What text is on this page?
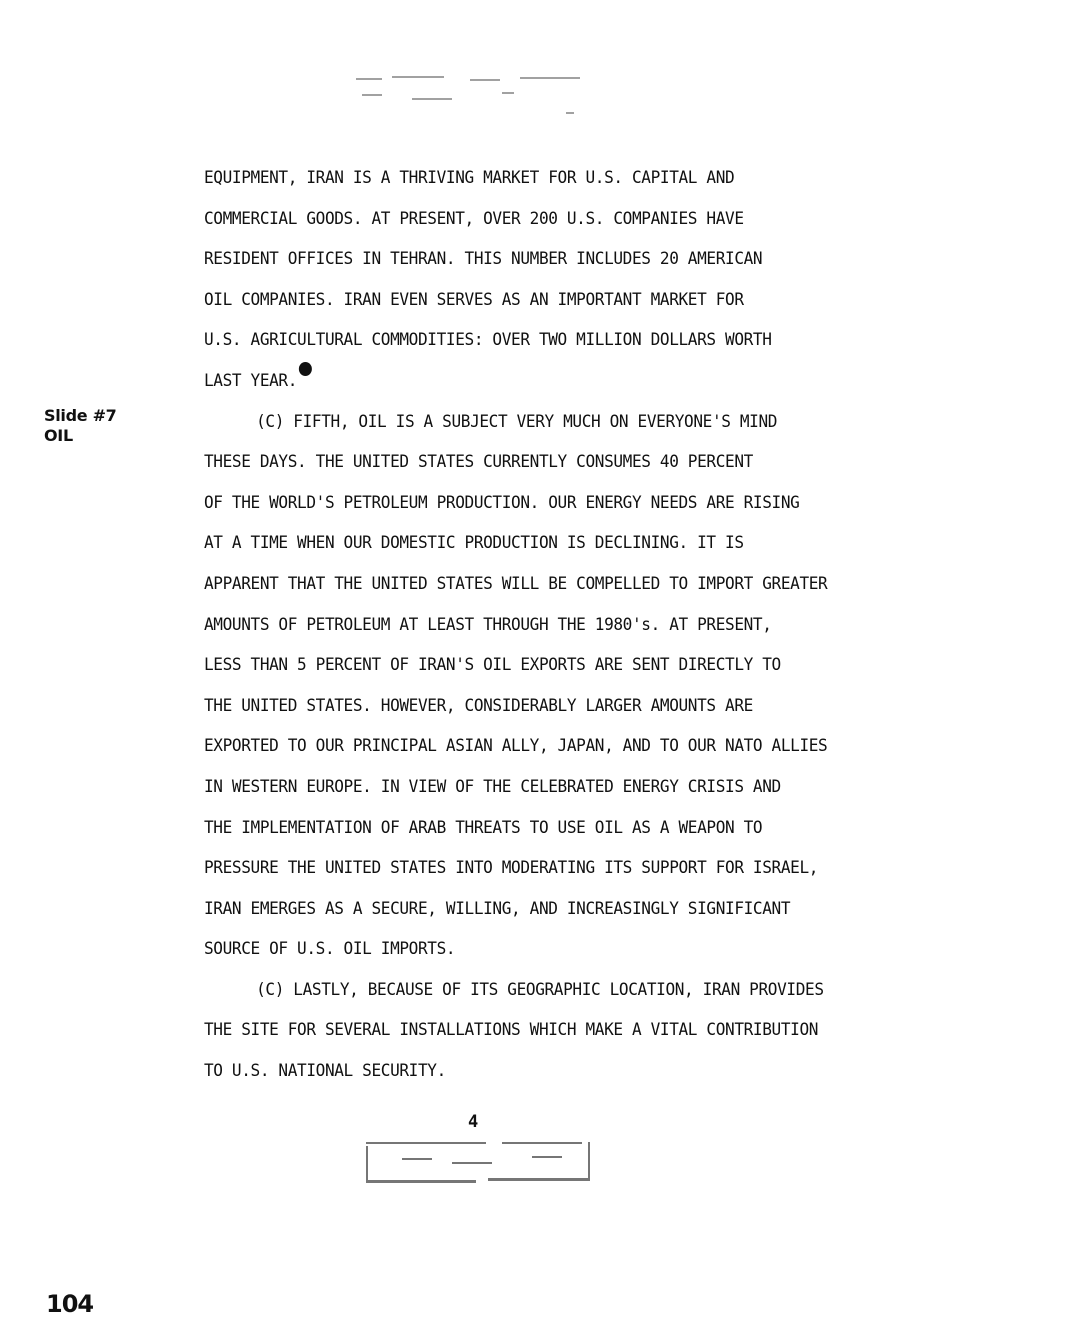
Slide #7
OIL
EQUIPMENT, IRAN IS A THRIVING MARKET FOR U.S. CAPITAL AND
COMMERCIAL GOODS. AT PRESENT, OVER 200 U.S. COMPANIES HAVE
RESIDENT OFFICES IN TEHRAN. THIS NUMBER INCLUDES 20 AMERICAN
OIL COMPANIES. IRAN EVEN SERVES AS AN IMPORTANT MARKET FOR
U.S. AGRICULTURAL COMMODITIES: OVER TWO MILLION DOLLARS WORTH
LAST YEAR.
(C) FIFTH, OIL IS A SUBJECT VERY MUCH ON EVERYONE'S MIND
THESE DAYS. THE UNITED STATES CURRENTLY CONSUMES 40 PERCENT
OF THE WORLD'S PETROLEUM PRODUCTION. OUR ENERGY NEEDS ARE RISING
AT A TIME WHEN OUR DOMESTIC PRODUCTION IS DECLINING. IT IS
APPARENT THAT THE UNITED STATES WILL BE COMPELLED TO IMPORT GREATER
AMOUNTS OF PETROLEUM AT LEAST THROUGH THE 1980's. AT PRESENT,
LESS THAN 5 PERCENT OF IRAN'S OIL EXPORTS ARE SENT DIRECTLY TO
THE UNITED STATES. HOWEVER, CONSIDERABLY LARGER AMOUNTS ARE
EXPORTED TO OUR PRINCIPAL ASIAN ALLY, JAPAN, AND TO OUR NATO ALLIES
IN WESTERN EUROPE. IN VIEW OF THE CELEBRATED ENERGY CRISIS AND
THE IMPLEMENTATION OF ARAB THREATS TO USE OIL AS A WEAPON TO
PRESSURE THE UNITED STATES INTO MODERATING ITS SUPPORT FOR ISRAEL,
IRAN EMERGES AS A SECURE, WILLING, AND INCREASINGLY SIGNIFICANT
SOURCE OF U.S. OIL IMPORTS.
(C) LASTLY, BECAUSE OF ITS GEOGRAPHIC LOCATION, IRAN PROVIDES
THE SITE FOR SEVERAL INSTALLATIONS WHICH MAKE A VITAL CONTRIBUTION
TO U.S. NATIONAL SECURITY.
4
104
